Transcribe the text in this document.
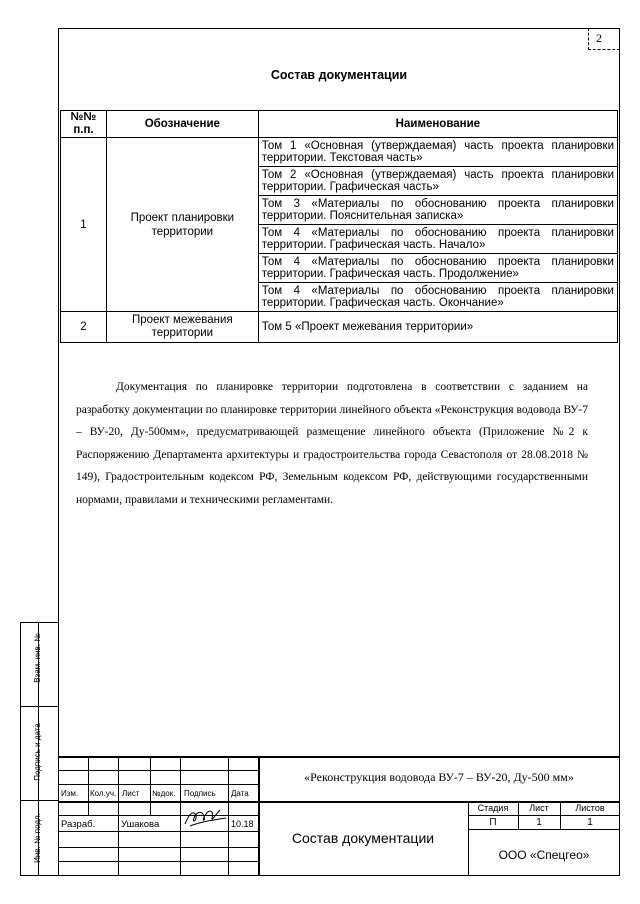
Взам. инв. №
Подпись и дата
Инв. № подл.
2
Состав документации
№№ п.п.	Обозначение	Наименование
1	Проект планировки территории	Том 1 «Основная (утверждаемая) часть проекта планировки территории. Текстовая часть»
		Том 2 «Основная (утверждаемая) часть проекта планировки территории. Графическая часть»
		Том 3 «Материалы по обоснованию проекта планировки территории. Пояснительная записка»
		Том 4 «Материалы по обоснованию проекта планировки территории. Графическая часть. Начало»
		Том 4 «Материалы по обоснованию проекта планировки территории. Графическая часть. Продолжение»
		Том 4 «Материалы по обоснованию проекта планировки территории. Графическая часть. Окончание»
2	Проект межевания территории	Том 5 «Проект межевания территории»
Документация по планировке территории подготовлена в соответствии с заданием на разработку документации по планировке территории линейного объекта «Реконструкция водовода ВУ-7 – ВУ-20, Ду-500мм», предусматривающей размещение линейного объекта (Приложение №2 к Распоряжению Департамента архитектуры и градостроительства города Севастополя от 28.08.2018 № 149), Градостроительным кодексом РФ, Земельным кодексом РФ, действующими государственными нормами, правилами и техническими регламентами.
Изм. Кол.уч. Лист №док. Подпись Дата
Разраб.	Ушакова	10.18
«Реконструкция водовода ВУ-7 – ВУ-20, Ду-500 мм»
Состав документации
Стадия	Лист	Листов
П	1	1
ООО «Спецгео»
